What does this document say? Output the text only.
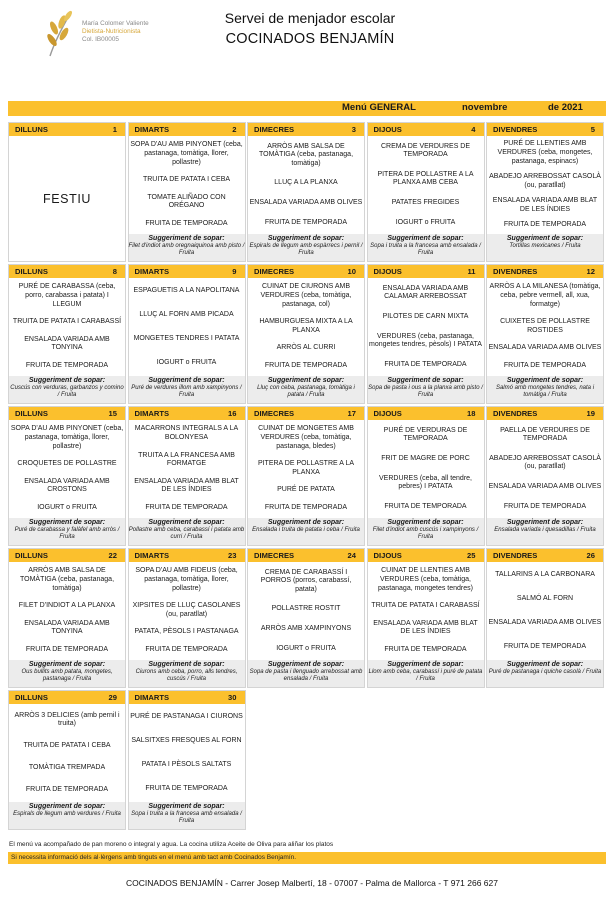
María Colomer Valiente
Dietista-Nutricionista
Col. IB00005
Servei de menjador escolar
COCINADOS BENJAMÍN
Menú GENERAL	novembre	de 2021
DILLUNS	1
FESTIU
DIMARTS	2
SOPA D'AU AMB PINYONET (ceba, pastanaga, tomàtiga, llorer, pollastre)
TRUITA DE PATATA I CEBA
TOMATE ALIÑADO CON ORÉGANO
FRUITA DE TEMPORADA
Suggeriment de sopar:
Filet d'indiot amb oregnaiquinoa amb pisto / Fruita
DIMECRES	3
ARRÒS AMB SALSA DE TOMÀTIGA (ceba, pastanaga, tomàtiga)
LLUÇ A LA PLANXA
ENSALADA VARIADA AMB OLIVES
FRUITA DE TEMPORADA
Suggeriment de sopar:
Espirals de llegum amb espàrrecs i pernil / Fruita
DIJOUS	4
CREMA DE VERDURES DE TEMPORADA
PITERA DE POLLASTRE A LA PLANXA AMB CEBA
PATATES FREGIDES
IOGURT o FRUITA
Suggeriment de sopar:
Sopa i truita a la francesa amb ensalada / Fruita
DIVENDRES	5
PURÉ DE LLENTIES AMB VERDURES (ceba, mongetes, pastanaga, espinacs)
ABADEJO ARREBOSSAT CASOLÀ (ou, paratllat)
ENSALADA VARIADA AMB BLAT DE LES ÍNDIES
FRUITA DE TEMPORADA
Suggeriment de sopar:
Tortillas mexicanes / Fruita
DILLUNS	8
PURÉ DE CARABASSA (ceba, porro, carabassa i patata) I LLEGUM
TRUITA DE PATATA I CARABASSÍ
ENSALADA VARIADA AMB TONYINA
FRUITA DE TEMPORADA
Suggeriment de sopar:
Cuscús con verduras, garbanzos y comino / Fruita
DIMARTS	9
ESPAGUETIS A LA NAPOLITANA
LLUÇ AL FORN AMB PICADA
MONGETES TENDRES I PATATA
IOGURT o FRUITA
Suggeriment de sopar:
Puré de verdures illom amb xampinyons / Fruita
DIMECRES	10
CUINAT DE CIURONS AMB VERDURES (ceba, tomàtiga, pastanaga, col)
HAMBURGUESA MIXTA A LA PLANXA
ARRÒS AL CURRI
FRUITA DE TEMPORADA
Suggeriment de sopar:
Lluç con ceba, pastanaga, tomàtiga i patata / Fruita
DIJOUS	11
ENSALADA VARIADA AMB CALAMAR ARREBOSSAT
PILOTES DE CARN MIXTA
VERDURES (ceba, pastanaga, mongetes tendres, pèsols) I PATATA
FRUITA DE TEMPORADA
Suggeriment de sopar:
Sopa de pasta i ous a la planxa amb pisto / Fruita
DIVENDRES	12
ARRÒS A LA MILANESA (tomàtiga, ceba, pebre vermell, all, xua, formatge)
CUIXETES DE POLLASTRE ROSTIDES
ENSALADA VARIADA AMB OLIVES
FRUITA DE TEMPORADA
Suggeriment de sopar:
Salmó amb mongetes tendres, nata i tomàtiga / Fruita
DILLUNS	15
SOPA D'AU AMB PINYONET (ceba, pastanaga, tomàtiga, llorer, pollastre)
CROQUETES DE POLLASTRE
ENSALADA VARIADA AMB CROSTONS
IOGURT o FRUITA
Suggeriment de sopar:
Puré de carabassa y falàfel amb arròs / Fruita
DIMARTS	16
MACARRONS INTEGRALS A LA BOLONYESA
TRUITA A LA FRANCESA AMB FORMATGE
ENSALADA VARIADA AMB BLAT DE LES ÍNDIES
FRUITA DE TEMPORADA
Suggeriment de sopar:
Pollastre amb ceba, carabassí i patata amb curri / Fruita
DIMECRES	17
CUINAT DE MONGETES AMB VERDURES (ceba, tomàtiga, pastanaga, bledes)
PITERA DE POLLASTRE A LA PLANXA
PURÉ DE PATATA
FRUITA DE TEMPORADA
Suggeriment de sopar:
Ensalada i truita de patata i ceba / Fruita
DIJOUS	18
PURÉ DE VERDURAS DE TEMPORADA
FRIT DE MAGRE DE PORC
VERDURES (ceba, all tendre, pebres) I PATATA
FRUITA DE TEMPORADA
Suggeriment de sopar:
Filet d'indiot amb cuscús i xampinyons / Fruita
DIVENDRES	19
PAELLA DE VERDURES DE TEMPORADA
ABADEJO ARREBOSSAT CASOLÀ (ou, paratllat)
ENSALADA VARIADA AMB OLIVES
FRUITA DE TEMPORADA
Suggeriment de sopar:
Ensalada variada i quesadillas / Fruita
DILLUNS	22
ARRÒS AMB SALSA DE TOMÀTIGA (ceba, pastanaga, tomàtiga)
FILET D'INDIOT A LA PLANXA
ENSALADA VARIADA AMB TONYINA
FRUITA DE TEMPORADA
Suggeriment de sopar:
Ous bullits amb patata, mongetes, pastanaga / Fruita
DIMARTS	23
SOPA D'AU AMB FIDEUS (ceba, pastanaga, tomàtiga, llorer, pollastre)
XIPSITES DE LLUÇ CASOLANES (ou, paratllat)
PATATA, PÈSOLS I PASTANAGA
FRUITA DE TEMPORADA
Suggeriment de sopar:
Ciurons amb ceba, porro, alls tendres, cuscús / Fruita
DIMECRES	24
CREMA DE CARABASSÍ I PORROS (porros, carabassí, patata)
POLLASTRE ROSTIT
ARRÒS AMB XAMPINYONS
IOGURT o FRUITA
Suggeriment de sopar:
Sopa de pasta i llenguado arrebossat amb ensalada / Fruita
DIJOUS	25
CUINAT DE LLENTIES AMB VERDURES (ceba, tomàtiga, pastanaga, mongetes tendres)
TRUITA DE PATATA I CARABASSÍ
ENSALADA VARIADA AMB BLAT DE LES ÍNDIES
FRUITA DE TEMPORADA
Suggeriment de sopar:
Llom amb ceba, carabassí i puré de patata / Fruita
DIVENDRES	26
TALLARINS A LA CARBONARA
SALMÓ AL FORN
ENSALADA VARIADA AMB OLIVES
FRUITA DE TEMPORADA
Suggeriment de sopar:
Puré de pastanaga i quiche casolà / Fruita
DILLUNS	29
ARRÒS 3 DELICIES (amb pernil i truita)
TRUITA DE PATATA I CEBA
TOMÀTIGA TREMPADA
FRUITA DE TEMPORADA
Suggeriment de sopar:
Espirals de llegum amb verdures / Fruita
DIMARTS	30
PURÉ DE PASTANAGA I CIURONS
SALSITXES FRESQUES AL FORN
PATATA I PÈSOLS SALTATS
FRUITA DE TEMPORADA
Suggeriment de sopar:
Sopa i truita a la francesa amb ensalada / Fruita
El menú va acompañado de pan moreno o integral y agua. La cocina utiliza Aceite de Oliva para aliñar los platos
Si necessita informació dels al·lèrgens amb tinguts en el menú amb tact amb Cocinados Benjamín.
COCINADOS BENJAMÍN - Carrer Josep Malbertí, 18 - 07007 - Palma de Mallorca - T 971 266 627
